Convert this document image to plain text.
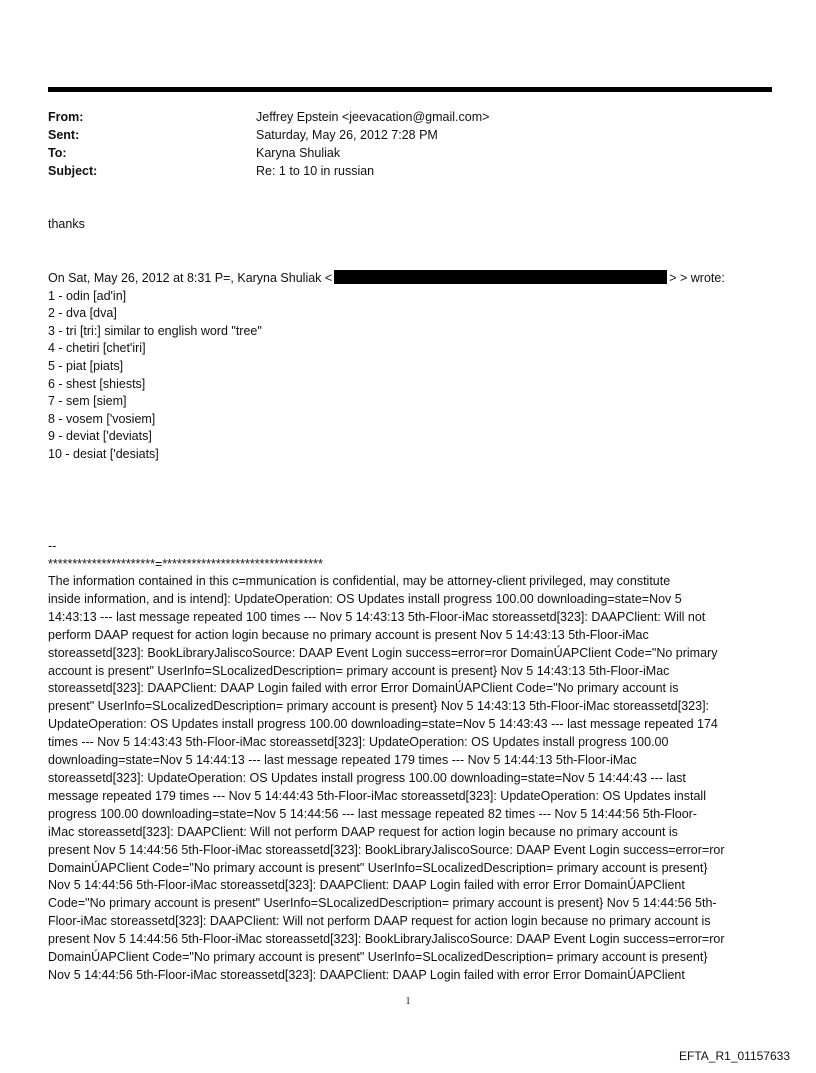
From:	Jeffrey Epstein <jeevacation@gmail.com>
Sent:	Saturday, May 26, 2012 7:28 PM
To:	Karyna Shuliak
Subject:	Re: 1 to 10 in russian
thanks
On Sat, May 26, 2012 at 8:31 P=, Karyna Shuliak <	> > wrote:
1 - odin [ad'in]
2 - dva [dva]
3 - tri [tri:] similar to english word "tree"
4 - chetiri [chet'iri]
5 - piat [piats]
6 - shest [shiests]
7 - sem [siem]
8 - vosem ['vosiem]
9 - deviat ['deviats]
10 - desiat ['desiats]
--
**********************=*********************************

The information contained in this c=mmunication is confidential, may be attorney-client privileged, may constitute

inside information, and is intend]: UpdateOperation: OS Updates install progress 100.00 downloading=state=Nov 5

14:43:13 --- last message repeated 100 times --- Nov 5 14:43:13 5th-Floor-iMac storeassetd[323]: DAAPClient: Will not

perform DAAP request for action login because no primary account is present Nov 5 14:43:13 5th-Floor-iMac

storeassetd[323]: BookLibraryJaliscoSource: DAAP Event Login success=error=ror DomainÚAPClient Code="No primary

account is present" UserInfo=SLocalizedDescription= primary account is present} Nov 5 14:43:13 5th-Floor-iMac

storeassetd[323]: DAAPClient: DAAP Login failed with error Error DomainÚAPClient Code="No primary account is

present" UserInfo=SLocalizedDescription= primary account is present} Nov 5 14:43:13 5th-Floor-iMac storeassetd[323]:

UpdateOperation: OS Updates install progress 100.00 downloading=state=Nov 5 14:43:43 --- last message repeated 174

times --- Nov 5 14:43:43 5th-Floor-iMac storeassetd[323]: UpdateOperation: OS Updates install progress 100.00

downloading=state=Nov 5 14:44:13 --- last message repeated 179 times --- Nov 5 14:44:13 5th-Floor-iMac

storeassetd[323]: UpdateOperation: OS Updates install progress 100.00 downloading=state=Nov 5 14:44:43 --- last

message repeated 179 times --- Nov 5 14:44:43 5th-Floor-iMac storeassetd[323]: UpdateOperation: OS Updates install

progress 100.00 downloading=state=Nov 5 14:44:56 --- last message repeated 82 times --- Nov 5 14:44:56 5th-Floor-

iMac storeassetd[323]: DAAPClient: Will not perform DAAP request for action login because no primary account is

present Nov 5 14:44:56 5th-Floor-iMac storeassetd[323]: BookLibraryJaliscoSource: DAAP Event Login success=error=ror

DomainÚAPClient Code="No primary account is present" UserInfo=SLocalizedDescription= primary account is present}

Nov 5 14:44:56 5th-Floor-iMac storeassetd[323]: DAAPClient: DAAP Login failed with error Error DomainÚAPClient

Code="No primary account is present" UserInfo=SLocalizedDescription= primary account is present} Nov 5 14:44:56 5th-

Floor-iMac storeassetd[323]: DAAPClient: Will not perform DAAP request for action login because no primary account is

present Nov 5 14:44:56 5th-Floor-iMac storeassetd[323]: BookLibraryJaliscoSource: DAAP Event Login success=error=ror

DomainÚAPClient Code="No primary account is present" UserInfo=SLocalizedDescription= primary account is present}

Nov 5 14:44:56 5th-Floor-iMac storeassetd[323]: DAAPClient: DAAP Login failed with error Error DomainÚAPClient

1
EFTA_R1_01157633
